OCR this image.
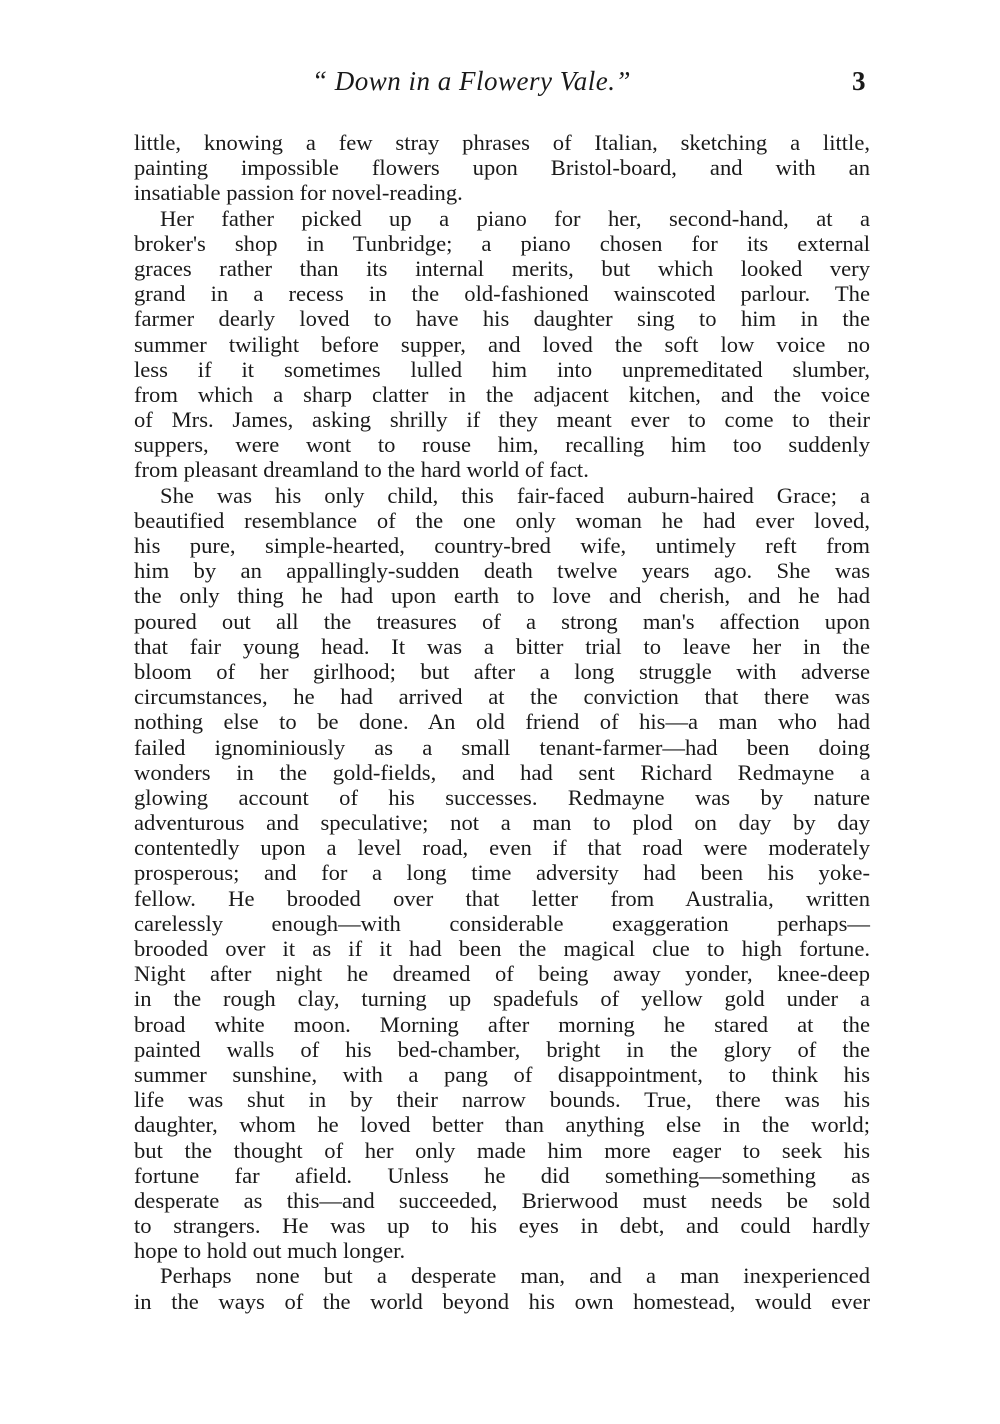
“ Down in a Flowery Vale.”	3
little, knowing a few stray phrases of Italian, sketching a little,
painting impossible flowers upon Bristol-board, and with an
insatiable passion for novel-reading.
Her father picked up a piano for her, second-hand, at a
broker's shop in Tunbridge; a piano chosen for its external
graces rather than its internal merits, but which looked very
grand in a recess in the old-fashioned wainscoted parlour. The
farmer dearly loved to have his daughter sing to him in the
summer twilight before supper, and loved the soft low voice no
less if it sometimes lulled him into unpremeditated slumber,
from which a sharp clatter in the adjacent kitchen, and the voice
of Mrs. James, asking shrilly if they meant ever to come to their
suppers, were wont to rouse him, recalling him too suddenly
from pleasant dreamland to the hard world of fact.
She was his only child, this fair-faced auburn-haired Grace; a
beautified resemblance of the one only woman he had ever loved,
his pure, simple-hearted, country-bred wife, untimely reft from
him by an appallingly-sudden death twelve years ago. She was
the only thing he had upon earth to love and cherish, and he had
poured out all the treasures of a strong man's affection upon
that fair young head. It was a bitter trial to leave her in the
bloom of her girlhood; but after a long struggle with adverse
circumstances, he had arrived at the conviction that there was
nothing else to be done. An old friend of his—a man who had
failed ignominiously as a small tenant-farmer—had been doing
wonders in the gold-fields, and had sent Richard Redmayne a
glowing account of his successes. Redmayne was by nature
adventurous and speculative; not a man to plod on day by day
contentedly upon a level road, even if that road were moderately
prosperous; and for a long time adversity had been his yoke-
fellow. He brooded over that letter from Australia, written
carelessly enough—with considerable exaggeration perhaps—
brooded over it as if it had been the magical clue to high fortune.
Night after night he dreamed of being away yonder, knee-deep
in the rough clay, turning up spadefuls of yellow gold under a
broad white moon. Morning after morning he stared at the
painted walls of his bed-chamber, bright in the glory of the
summer sunshine, with a pang of disappointment, to think his
life was shut in by their narrow bounds. True, there was his
daughter, whom he loved better than anything else in the world;
but the thought of her only made him more eager to seek his
fortune far afield. Unless he did something—something as
desperate as this—and succeeded, Brierwood must needs be sold
to strangers. He was up to his eyes in debt, and could hardly
hope to hold out much longer.
Perhaps none but a desperate man, and a man inexperienced
in the ways of the world beyond his own homestead, would ever
